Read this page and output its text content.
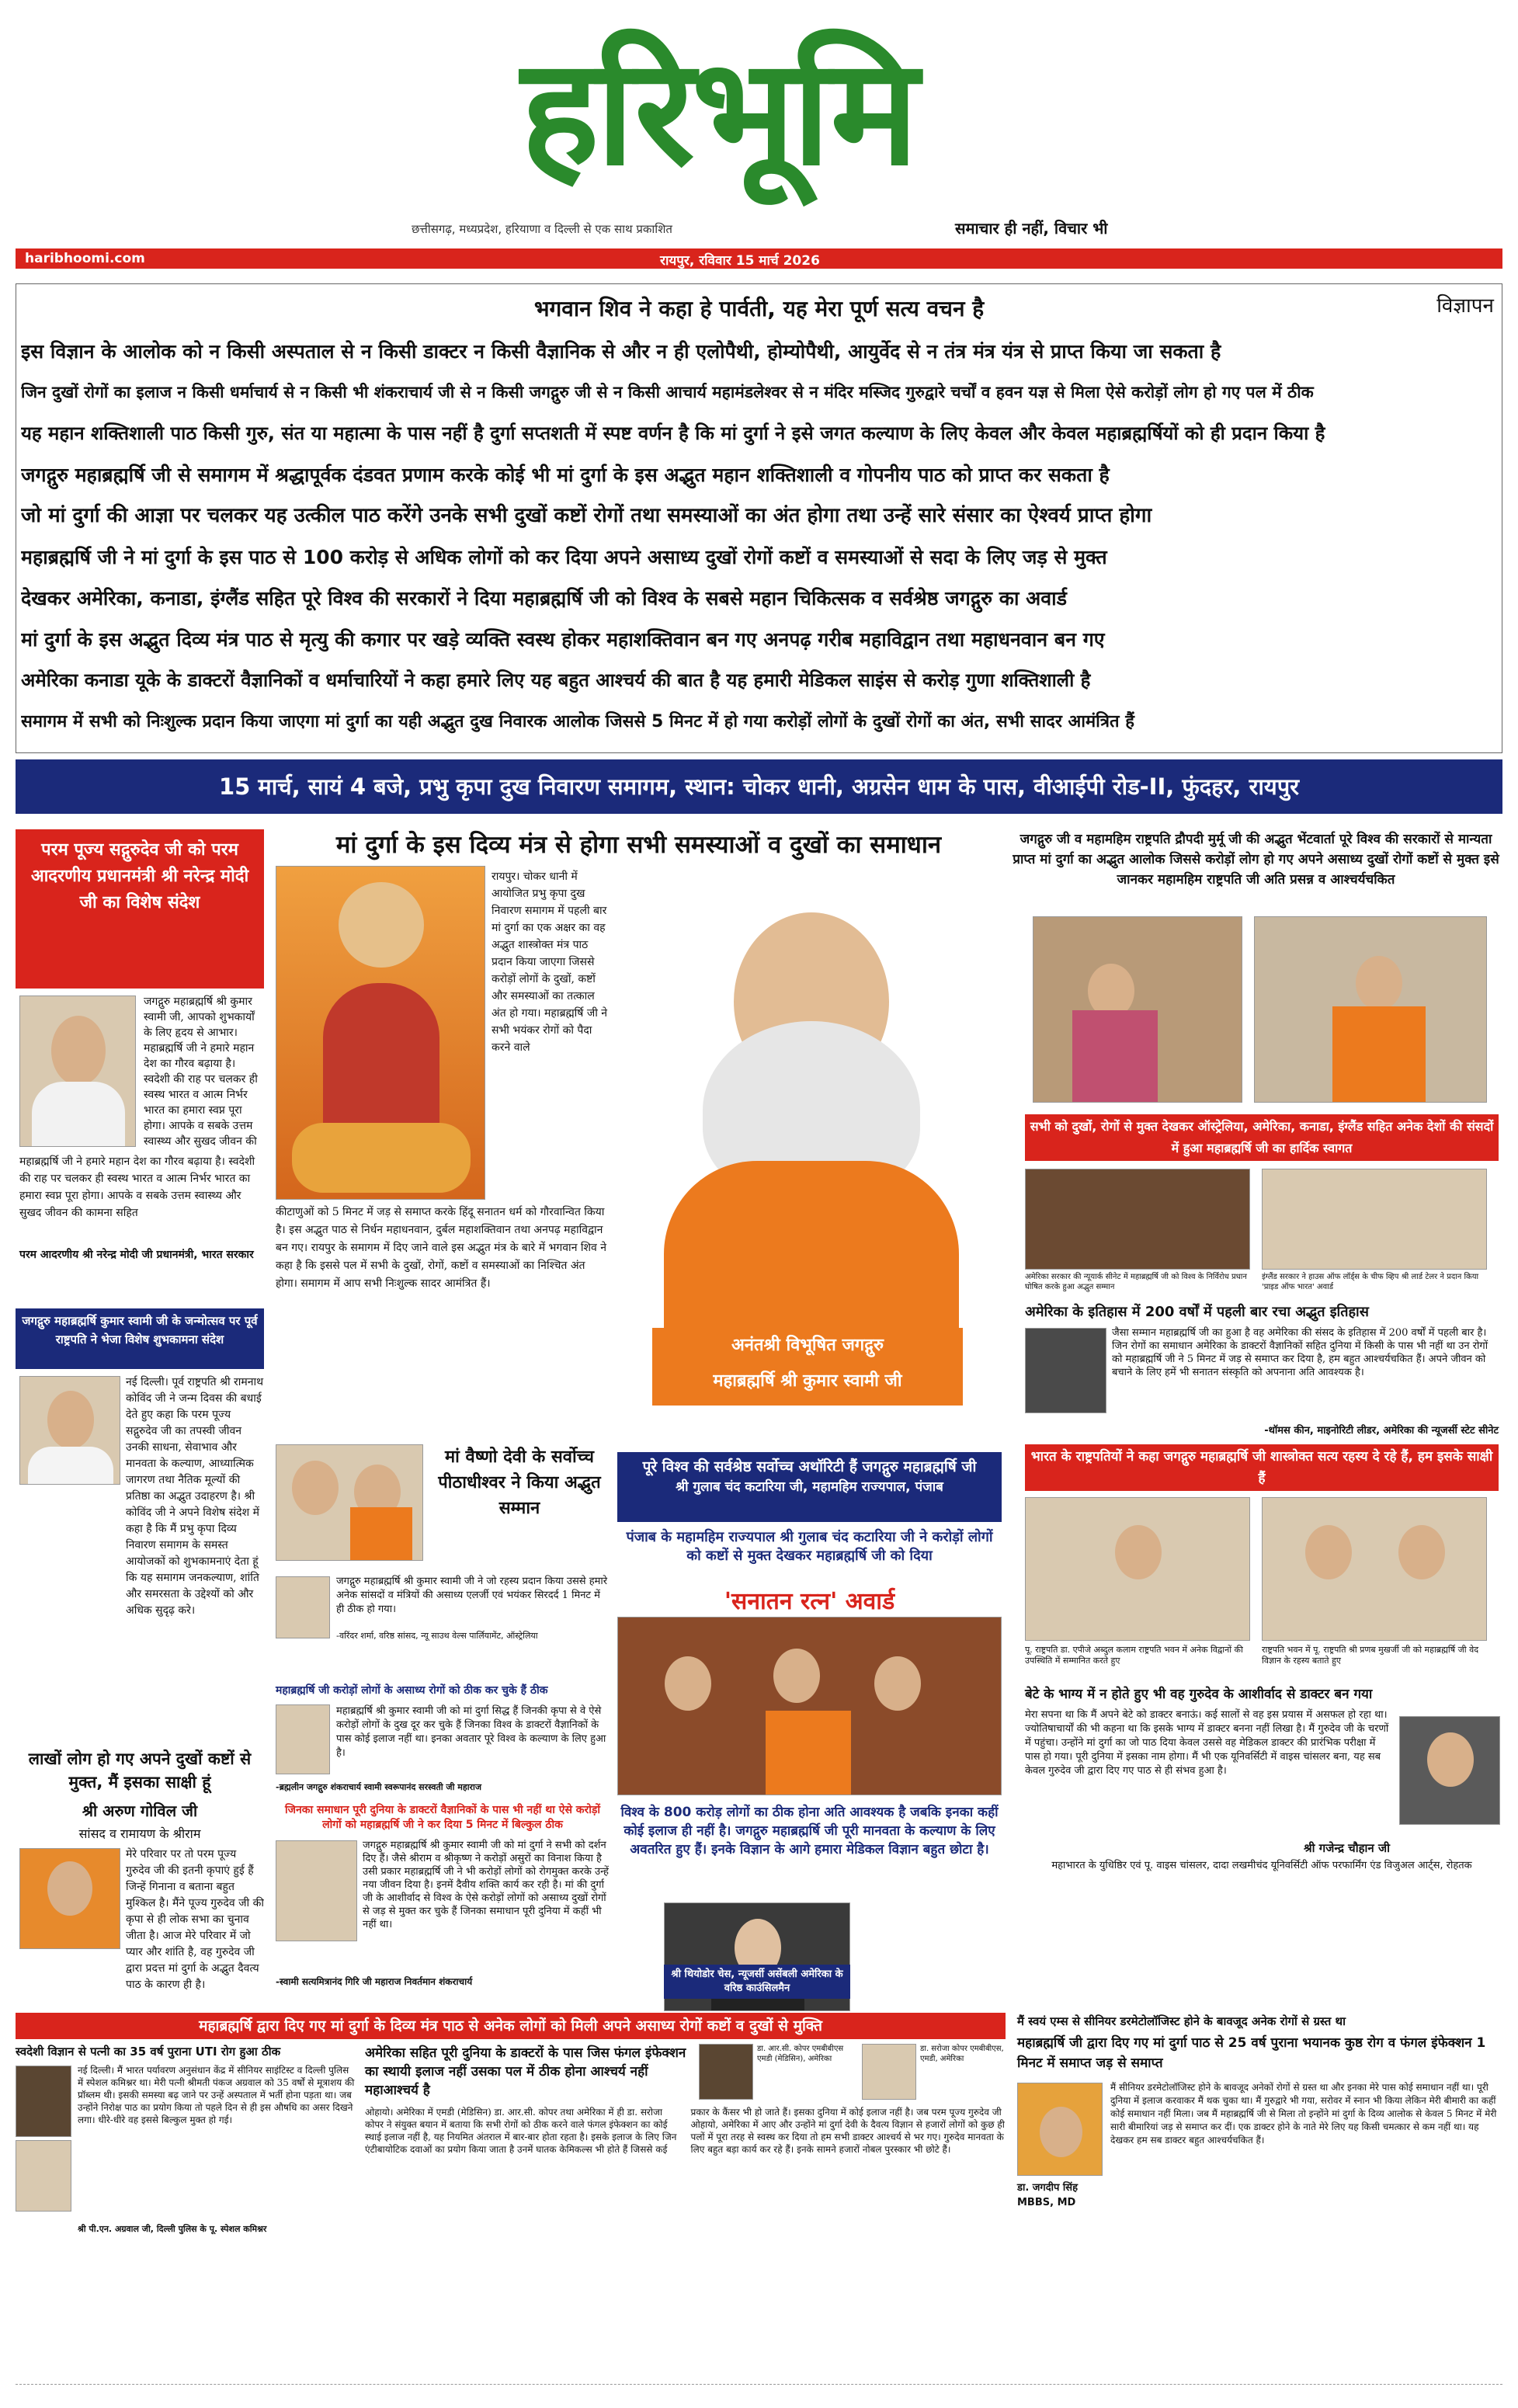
हरिभूमि
छत्तीसगढ़, मध्यप्रदेश, हरियाणा व दिल्ली से एक साथ प्रकाशित	समाचार ही नहीं, विचार भी
haribhoomi.com	रायपुर, रविवार 15 मार्च 2026
विज्ञापन
भगवान शिव ने कहा हे पार्वती, यह मेरा पूर्ण सत्य वचन है
इस विज्ञान के आलोक को न किसी अस्पताल से न किसी डाक्टर न किसी वैज्ञानिक से और न ही एलोपैथी, होम्योपैथी, आयुर्वेद से न तंत्र मंत्र यंत्र से प्राप्त किया जा सकता है
जिन दुखों रोगों का इलाज न किसी धर्माचार्य से न किसी भी शंकराचार्य जी से न किसी जगद्गुरु जी से न किसी आचार्य महामंडलेश्वर से न मंदिर मस्जिद गुरुद्वारे चर्चों व हवन यज्ञ से मिला ऐसे करोड़ों लोग हो गए पल में ठीक
यह महान शक्तिशाली पाठ किसी गुरु, संत या महात्मा के पास नहीं है दुर्गा सप्तशती में स्पष्ट वर्णन है कि मां दुर्गा ने इसे जगत कल्याण के लिए केवल और केवल महाब्रह्मर्षियों को ही प्रदान किया है
जगद्गुरु महाब्रह्मर्षि जी से समागम में श्रद्धापूर्वक दंडवत प्रणाम करके कोई भी मां दुर्गा के इस अद्भुत महान शक्तिशाली व गोपनीय पाठ को प्राप्त कर सकता है
जो मां दुर्गा की आज्ञा पर चलकर यह उत्कील पाठ करेंगे उनके सभी दुखों कष्टों रोगों तथा समस्याओं का अंत होगा तथा उन्हें सारे संसार का ऐश्वर्य प्राप्त होगा
महाब्रह्मर्षि जी ने मां दुर्गा के इस पाठ से 100 करोड़ से अधिक लोगों को कर दिया अपने असाध्य दुखों रोगों कष्टों व समस्याओं से सदा के लिए जड़ से मुक्त
देखकर अमेरिका, कनाडा, इंग्लैंड सहित पूरे विश्व की सरकारों ने दिया महाब्रह्मर्षि जी को विश्व के सबसे महान चिकित्सक व सर्वश्रेष्ठ जगद्गुरु का अवार्ड
मां दुर्गा के इस अद्भुत दिव्य मंत्र पाठ से मृत्यु की कगार पर खड़े व्यक्ति स्वस्थ होकर महाशक्तिवान बन गए अनपढ़ गरीब महाविद्वान तथा महाधनवान बन गए
अमेरिका कनाडा यूके के डाक्टरों वैज्ञानिकों व धर्माचारियों ने कहा हमारे लिए यह बहुत आश्चर्य की बात है यह हमारी मेडिकल साइंस से करोड़ गुणा शक्तिशाली है
समागम में सभी को निःशुल्क प्रदान किया जाएगा मां दुर्गा का यही अद्भुत दुख निवारक आलोक जिससे 5 मिनट में हो गया करोड़ों लोगों के दुखों रोगों का अंत, सभी सादर आमंत्रित हैं
15 मार्च, सायं 4 बजे, प्रभु कृपा दुख निवारण समागम, स्थान: चोकर धानी, अग्रसेन धाम के पास, वीआईपी रोड-II, फुंदहर, रायपुर
परम पूज्य सद्गुरुदेव जी को परम आदरणीय प्रधानमंत्री श्री नरेन्द्र मोदी जी का विशेष संदेश
जगद्गुरु महाब्रह्मर्षि श्री कुमार स्वामी जी, आपको शुभकार्यों के लिए हृदय से आभार। महाब्रह्मर्षि जी ने हमारे महान देश का गौरव बढ़ाया है। स्वदेशी की राह पर चलकर ही स्वस्थ भारत व आत्म निर्भर भारत का हमारा स्वप्न पूरा होगा। आपके व सबके उत्तम स्वास्थ्य और सुखद जीवन की
महाब्रह्मर्षि जी ने हमारे महान देश का गौरव बढ़ाया है। स्वदेशी की राह पर चलकर ही स्वस्थ भारत व आत्म निर्भर भारत का हमारा स्वप्न पूरा होगा। आपके व सबके उत्तम स्वास्थ्य और सुखद जीवन की कामना सहित
परम आदरणीय श्री नरेन्द्र मोदी जी प्रधानमंत्री, भारत सरकार
जगद्गुरु महाब्रह्मर्षि कुमार स्वामी जी के जन्मोत्सव पर पूर्व राष्ट्रपति ने भेजा विशेष शुभकामना संदेश
नई दिल्ली। पूर्व राष्ट्रपति श्री रामनाथ कोविंद जी ने जन्म दिवस की बधाई देते हुए कहा कि परम पूज्य सद्गुरुदेव जी का तपस्वी जीवन उनकी साधना, सेवाभाव और मानवता के कल्याण, आध्यात्मिक जागरण तथा नैतिक मूल्यों की प्रतिष्ठा का अद्भुत उदाहरण है। श्री कोविंद जी ने अपने विशेष संदेश में कहा है कि मैं प्रभु कृपा दिव्य निवारण समागम के समस्त आयोजकों को शुभकामनाएं देता हूं कि यह समागम जनकल्याण, शांति और समरसता के उद्देश्यों को और अधिक सुदृढ़ करे।
लाखों लोग हो गए अपने दुखों कष्टों से मुक्त, मैं इसका साक्षी हूं
श्री अरुण गोविल जी
सांसद व रामायण के श्रीराम
मेरे परिवार पर तो परम पूज्य गुरुदेव जी की इतनी कृपाएं हुई हैं जिन्हें गिनाना व बताना बहुत मुश्किल है। मैंने पूज्य गुरुदेव जी की कृपा से ही लोक सभा का चुनाव जीता है। आज मेरे परिवार में जो प्यार और शांति है, वह गुरुदेव जी द्वारा प्रदत्त मां दुर्गा के अद्भुत दैवत्य पाठ के कारण ही है।
मां दुर्गा के इस दिव्य मंत्र से होगा सभी समस्याओं व दुखों का समाधान
रायपुर। चोकर धानी में आयोजित प्रभु कृपा दुख निवारण समागम में पहली बार मां दुर्गा का एक अक्षर का वह अद्भुत शास्त्रोक्त मंत्र पाठ प्रदान किया जाएगा जिससे करोड़ों लोगों के दुखों, कष्टों और समस्याओं का तत्काल अंत हो गया। महाब्रह्मर्षि जी ने सभी भयंकर रोगों को पैदा करने वाले
कीटाणुओं को 5 मिनट में जड़ से समाप्त करके हिंदू सनातन धर्म को गौरवान्वित किया है। इस अद्भुत पाठ से निर्धन महाधनवान, दुर्बल महाशक्तिवान तथा अनपढ़ महाविद्वान बन गए। रायपुर के समागम में दिए जाने वाले इस अद्भुत मंत्र के बारे में भगवान शिव ने कहा है कि इससे पल में सभी के दुखों, रोगों, कष्टों व समस्याओं का निश्चित अंत होगा। समागम में आप सभी निःशुल्क सादर आमंत्रित हैं।
अनंतश्री विभूषित जगद्गुरु
महाब्रह्मर्षि श्री कुमार स्वामी जी
मां वैष्णो देवी के सर्वोच्च पीठाधीश्वर ने किया अद्भुत सम्मान
जगद्गुरु महाब्रह्मर्षि श्री कुमार स्वामी जी ने जो रहस्य प्रदान किया उससे हमारे अनेक सांसदों व मंत्रियों की असाध्य एलर्जी एवं भयंकर सिरदर्द 1 मिनट में ही ठीक हो गया।
-वरिंदर शर्मा, वरिष्ठ सांसद, न्यू साउथ वेल्स पार्लियामेंट, ऑस्ट्रेलिया
महाब्रह्मर्षि जी करोड़ों लोगों के असाध्य रोगों को ठीक कर चुके हैं ठीक
महाब्रह्मर्षि श्री कुमार स्वामी जी को मां दुर्गा सिद्ध हैं जिनकी कृपा से वे ऐसे करोड़ों लोगों के दुख दूर कर चुके हैं जिनका विश्व के डाक्टरों वैज्ञानिकों के पास कोई इलाज नहीं था। इनका अवतार पूरे विश्व के कल्याण के लिए हुआ है।
-ब्रह्मलीन जगद्गुरु शंकराचार्य स्वामी स्वरूपानंद सरस्वती जी महाराज
जिनका समाधान पूरी दुनिया के डाक्टरों वैज्ञानिकों के पास भी नहीं था ऐसे करोड़ों लोगों को महाब्रह्मर्षि जी ने कर दिया 5 मिनट में बिल्कुल ठीक
जगद्गुरु महाब्रह्मर्षि श्री कुमार स्वामी जी को मां दुर्गा ने सभी को दर्शन दिए हैं। जैसे श्रीराम व श्रीकृष्ण ने करोड़ों असुरों का विनाश किया है उसी प्रकार महाब्रह्मर्षि जी ने भी करोड़ों लोगों को रोगमुक्त करके उन्हें नया जीवन दिया है। इनमें दैवीय शक्ति कार्य कर रही है। मां की दुर्गा जी के आशीर्वाद से विश्व के ऐसे करोड़ों लोगों को असाध्य दुखों रोगों से जड़ से मुक्त कर चुके हैं जिनका समाधान पूरी दुनिया में कहीं भी नहीं था।
-स्वामी सत्यमित्रानंद गिरि जी महाराज निवर्तमान शंकराचार्य
पूरे विश्व की सर्वश्रेष्ठ सर्वोच्च अथॉरिटी हैं जगद्गुरु महाब्रह्मर्षि जी
श्री गुलाब चंद कटारिया जी, महामहिम राज्यपाल, पंजाब
पंजाब के महामहिम राज्यपाल श्री गुलाब चंद कटारिया जी ने करोड़ों लोगों को कष्टों से मुक्त देखकर महाब्रह्मर्षि जी को दिया
'सनातन रत्न' अवार्ड
विश्व के 800 करोड़ लोगों का ठीक होना अति आवश्यक है जबकि इनका कहीं कोई इलाज ही नहीं है। जगद्गुरु महाब्रह्मर्षि जी पूरी मानवता के कल्याण के लिए अवतरित हुए हैं। इनके विज्ञान के आगे हमारा मेडिकल विज्ञान बहुत छोटा है।
श्री थियोडोर चेस, न्यूजर्सी असेंबली अमेरिका के वरिष्ठ काउंसिलमैन
जगद्गुरु जी व महामहिम राष्ट्रपति द्रौपदी मुर्मू जी की अद्भुत भेंटवार्ता पूरे विश्व की सरकारों से मान्यता प्राप्त मां दुर्गा का अद्भुत आलोक जिससे करोड़ों लोग हो गए अपने असाध्य दुखों रोगों कष्टों से मुक्त इसे जानकर महामहिम राष्ट्रपति जी अति प्रसन्न व आश्चर्यचकित
सभी को दुखों, रोगों से मुक्त देखकर ऑस्ट्रेलिया, अमेरिका, कनाडा, इंग्लैंड सहित अनेक देशों की संसदों में हुआ महाब्रह्मर्षि जी का हार्दिक स्वागत
अमेरिका सरकार की न्यूयार्क सीनेट में महाब्रह्मर्षि जी को विश्व के निर्विरोध प्रधान घोषित करके हुआ अद्भुत सम्मान
इंग्लैंड सरकार ने हाउस ऑफ लॉर्ड्स के चीफ व्हिप श्री लार्ड टेलर ने प्रदान किया 'प्राइड ऑफ भारत' अवार्ड
अमेरिका के इतिहास में 200 वर्षों में पहली बार रचा अद्भुत इतिहास
जैसा सम्मान महाब्रह्मर्षि जी का हुआ है वह अमेरिका की संसद के इतिहास में 200 वर्षों में पहली बार है। जिन रोगों का समाधान अमेरिका के डाक्टरों वैज्ञानिकों सहित दुनिया में किसी के पास भी नहीं था उन रोगों को महाब्रह्मर्षि जी ने 5 मिनट में जड़ से समाप्त कर दिया है, हम बहुत आश्चर्यचकित हैं। अपने जीवन को बचाने के लिए हमें भी सनातन संस्कृति को अपनाना अति आवश्यक है।
-थॉमस कीन, माइनोरिटी लीडर, अमेरिका की न्यूजर्सी स्टेट सीनेट
भारत के राष्ट्रपतियों ने कहा जगद्गुरु महाब्रह्मर्षि जी शास्त्रोक्त सत्य रहस्य दे रहे हैं, हम इसके साक्षी हैं
पू. राष्ट्रपति डा. एपीजे अब्दुल कलाम राष्ट्रपति भवन में अनेक विद्वानों की उपस्थिति में सम्मानित करते हुए
राष्ट्रपति भवन में पू. राष्ट्रपति श्री प्रणब मुखर्जी जी को महाब्रह्मर्षि जी वेद विज्ञान के रहस्य बताते हुए
बेटे के भाग्य में न होते हुए भी वह गुरुदेव के आशीर्वाद से डाक्टर बन गया
मेरा सपना था कि मैं अपने बेटे को डाक्टर बनाऊं। कई सालों से वह इस प्रयास में असफल हो रहा था। ज्योतिषाचार्यों की भी कहना था कि इसके भाग्य में डाक्टर बनना नहीं लिखा है। मैं गुरुदेव जी के चरणों में पहुंचा। उन्होंने मां दुर्गा का जो पाठ दिया केवल उससे वह मेडिकल डाक्टर की प्रारंभिक परीक्षा में पास हो गया। पूरी दुनिया में इसका नाम होगा। मैं भी एक यूनिवर्सिटी में वाइस चांसलर बना, यह सब केवल गुरुदेव जी द्वारा दिए गए पाठ से ही संभव हुआ है।
श्री गजेन्द्र चौहान जी
महाभारत के युधिष्ठिर एवं पू. वाइस चांसलर, दादा लखमीचंद यूनिवर्सिटी ऑफ परफार्मिंग एंड विजुअल आर्ट्स, रोहतक
महाब्रह्मर्षि द्वारा दिए गए मां दुर्गा के दिव्य मंत्र पाठ से अनेक लोगों को मिली अपने असाध्य रोगों कष्टों व दुखों से मुक्ति
स्वदेशी विज्ञान से पत्नी का 35 वर्ष पुराना UTI रोग हुआ ठीक
नई दिल्ली। मैं भारत पर्यावरण अनुसंधान केंद्र में सीनियर साइंटिस्ट व दिल्ली पुलिस में स्पेशल कमिश्नर था। मेरी पत्नी श्रीमती पंकज अग्रवाल को 35 वर्षों से मूत्राशय की प्रॉब्लम थी। इसकी समस्या बढ़ जाने पर उन्हें अस्पताल में भर्ती होना पड़ता था। जब उन्होंने निरोक्ष पाठ का प्रयोग किया तो पहले दिन से ही इस औषधि का असर दिखने लगा। धीरे-धीरे वह इससे बिल्कुल मुक्त हो गई।
श्री पी.एन. अग्रवाल जी, दिल्ली पुलिस के पू. स्पेशल कमिश्नर
अमेरिका सहित पूरी दुनिया के डाक्टरों के पास जिस फंगल इंफेक्शन का स्थायी इलाज नहीं उसका पल में ठीक होना आश्चर्य नहीं महाआश्चर्य है
ओहायो। अमेरिका में एमडी (मेडिसिन) डा. आर.सी. कोपर तथा अमेरिका में ही डा. सरोजा कोपर ने संयुक्त बयान में बताया कि सभी रोगों को ठीक करने वाले फंगल इंफेक्शन का कोई स्थाई इलाज नहीं है, यह नियमित अंतराल में बार-बार होता रहता है। इसके इलाज के लिए जिन एंटीबायोटिक दवाओं का प्रयोग किया जाता है उनमें घातक केमिकल्स भी होते हैं जिससे कई प्रकार के कैंसर भी हो जाते हैं। इसका दुनिया में कोई इलाज नहीं है। जब परम पूज्य गुरुदेव जी ओहायो, अमेरिका में आए और उन्होंने मां दुर्गा देवी के दैवत्य विज्ञान से हजारों लोगों को कुछ ही पलों में पूरा तरह से स्वस्थ कर दिया तो हम सभी डाक्टर आश्चर्य से भर गए। गुरुदेव मानवता के लिए बहुत बड़ा कार्य कर रहे हैं। इनके सामने हजारों नोबल पुरस्कार भी छोटे हैं।
डा. आर.सी. कोपर एमबीबीएस एमडी (मेडिसिन), अमेरिका
डा. सरोजा कोपर एमबीबीएस, एमडी, अमेरिका
मैं स्वयं एम्स से सीनियर डरमेटोलॉजिस्ट होने के बावजूद अनेक रोगों से ग्रस्त था
महाब्रह्मर्षि जी द्वारा दिए गए मां दुर्गा पाठ से 25 वर्ष पुराना भयानक कुष्ठ रोग व फंगल इंफेक्शन 1 मिनट में समाप्त जड़ से समाप्त
मैं सीनियर डरमेटोलॉजिस्ट होने के बावजूद अनेकों रोगों से ग्रस्त था और इनका मेरे पास कोई समाधान नहीं था। पूरी दुनिया में इलाज करवाकर मैं थक चुका था। मैं गुरुद्वारे भी गया, सरोवर में स्नान भी किया लेकिन मेरी बीमारी का कहीं कोई समाधान नहीं मिला। जब मैं महाब्रह्मर्षि जी से मिला तो इन्होंने मां दुर्गा के दिव्य आलोक से केवल 5 मिनट में मेरी सारी बीमारियां जड़ से समाप्त कर दीं। एक डाक्टर होने के नाते मेरे लिए यह किसी चमत्कार से कम नहीं था। यह देखकर हम सब डाक्टर बहुत आश्चर्यचकित हैं।
डा. जगदीप सिंह
MBBS, MD
